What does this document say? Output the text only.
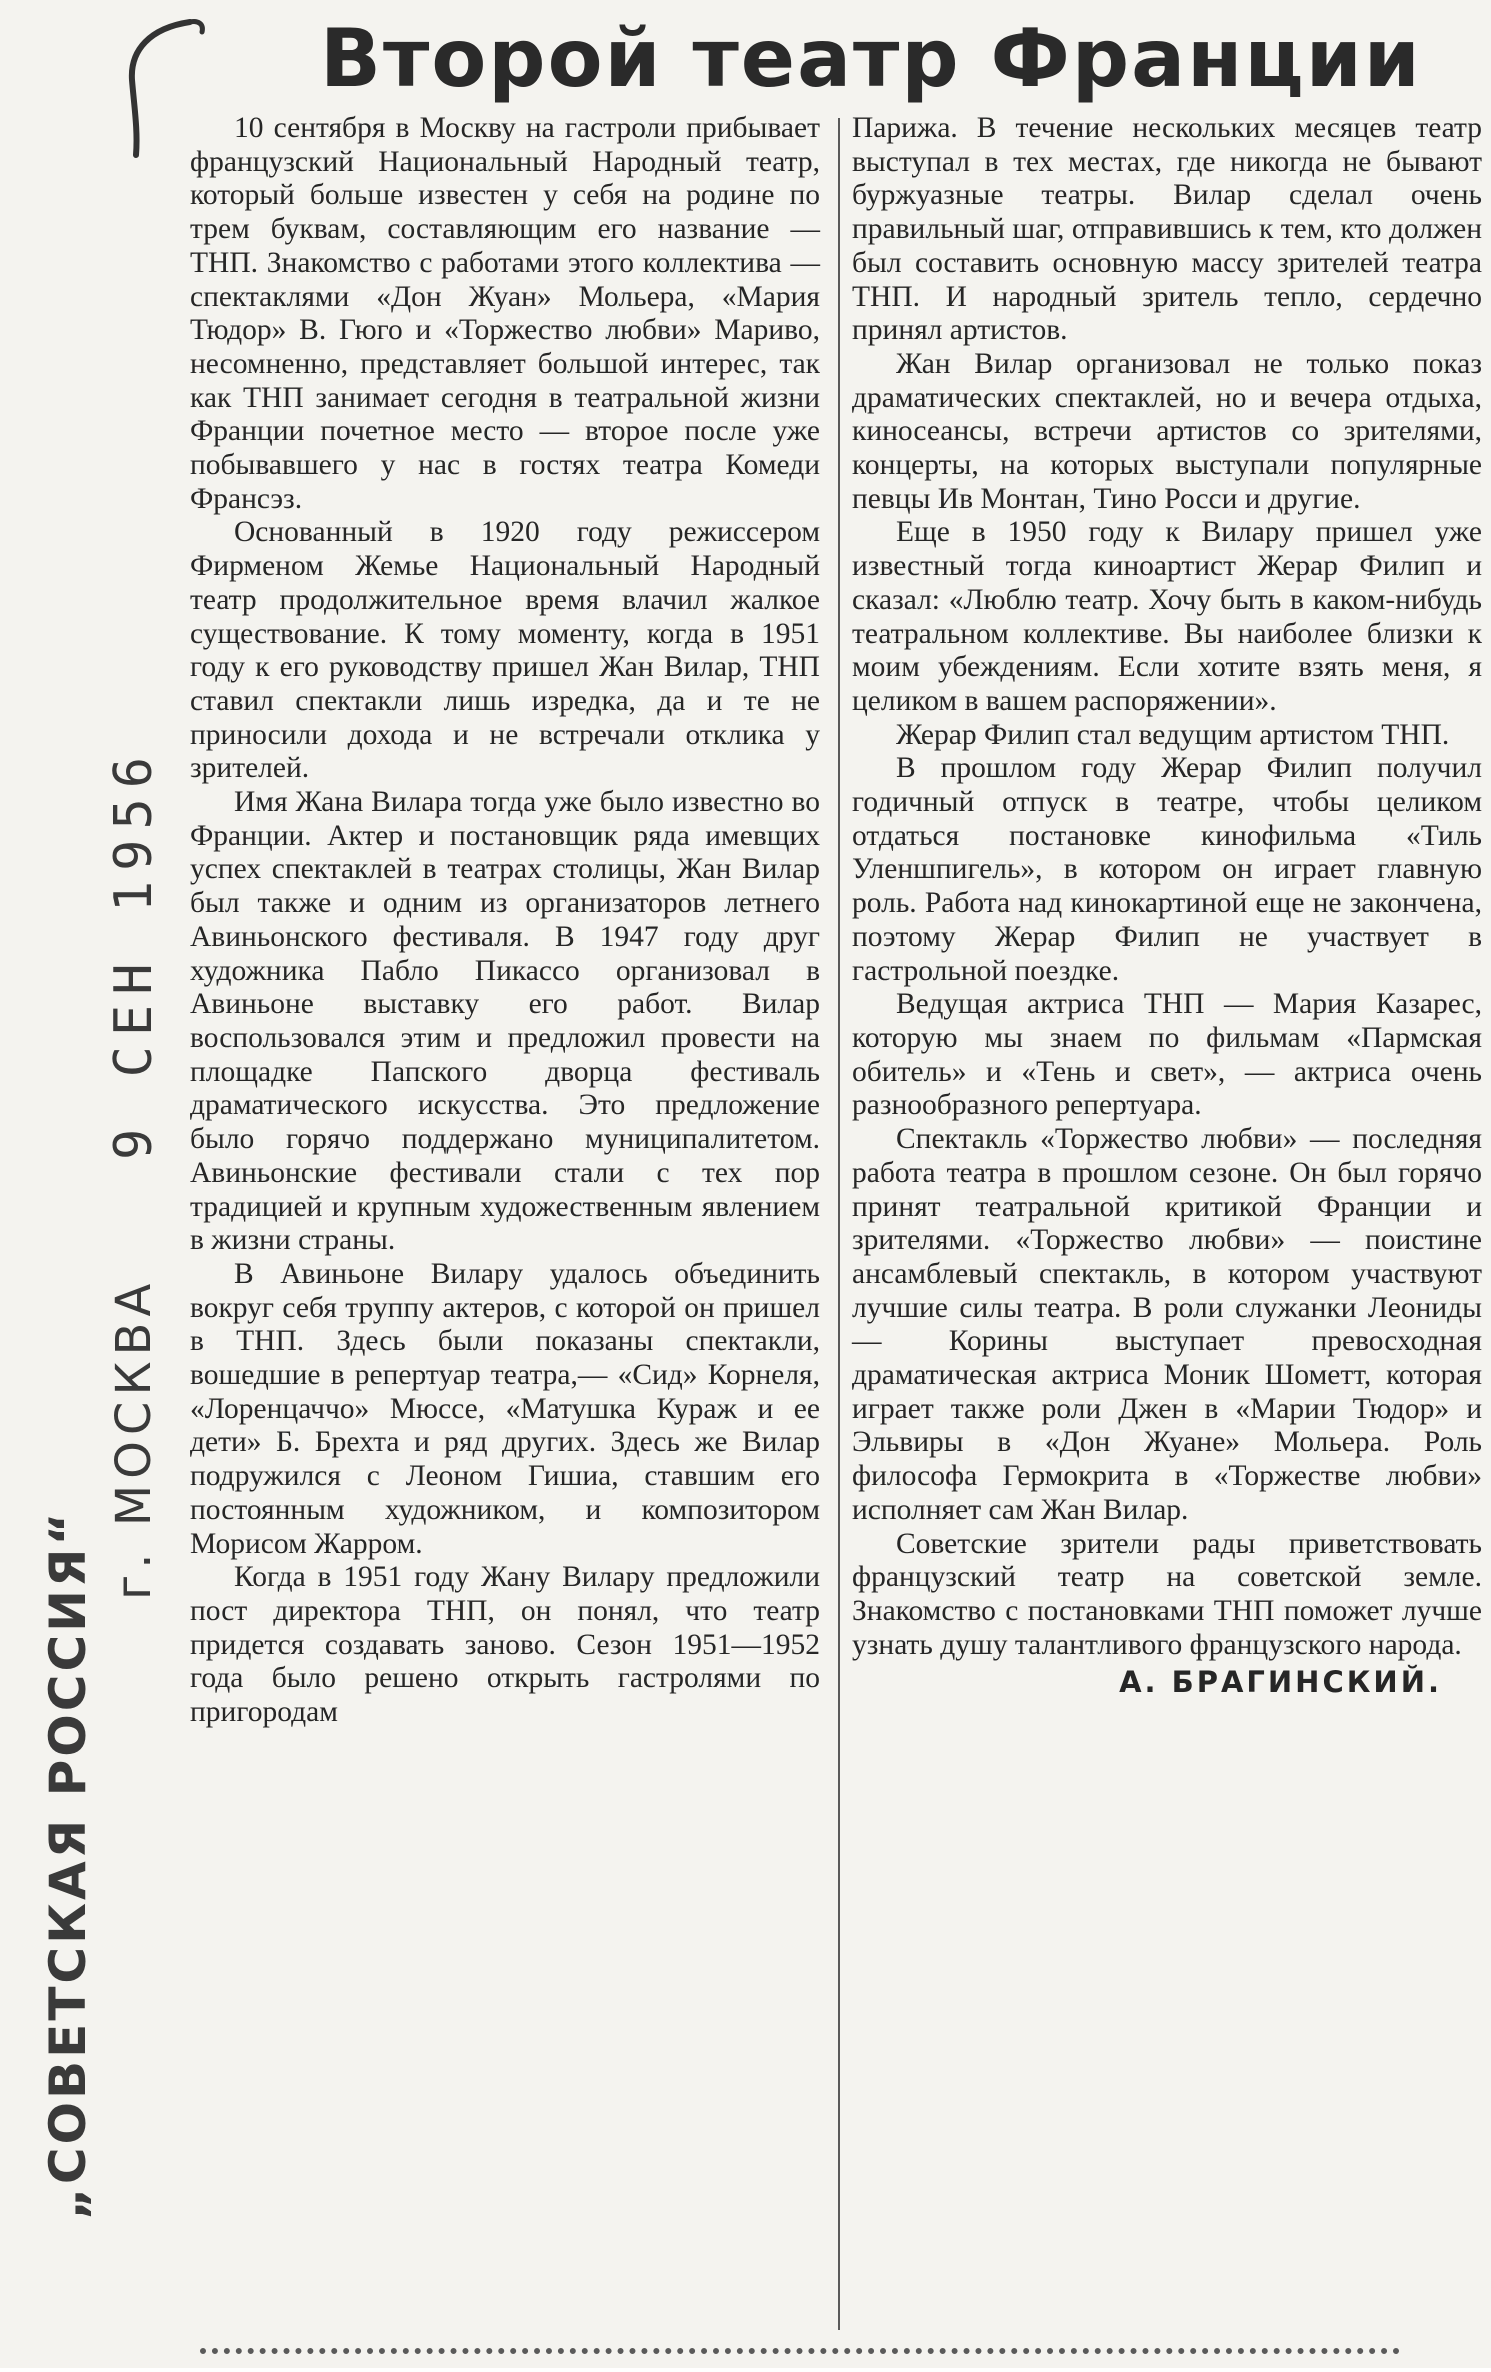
Второй театр Франции
„СОВЕТСКАЯ РОССИЯ“
г. МОСКВА
9 СЕН 1956

10 сентября в Москву на гастроли прибывает французский Национальный Народный театр, который больше известен у себя на родине по трем буквам, составляющим его название — ТНП. Знакомство с работами этого коллектива — спектаклями «Дон Жуан» Мольера, «Мария Тюдор» В. Гюго и «Торжество любви» Мариво, несомненно, представляет большой интерес, так как ТНП занимает сегодня в театральной жизни Франции почетное место — второе после уже побывавшего у нас в гостях театра Комеди Франсэз.

Основанный в 1920 году режиссером Фирменом Жемье Национальный Народный театр продолжительное время влачил жалкое существование. К тому моменту, когда в 1951 году к его руководству пришел Жан Вилар, ТНП ставил спектакли лишь изредка, да и те не приносили дохода и не встречали отклика у зрителей.

Имя Жана Вилара тогда уже было известно во Франции. Актер и постановщик ряда имевщих успех спектаклей в театрах столицы, Жан Вилар был также и одним из организаторов летнего Авиньонского фестиваля. В 1947 году друг художника Пабло Пикассо организовал в Авиньоне выставку его работ. Вилар воспользовался этим и предложил провести на площадке Папского дворца фестиваль драматического искусства. Это предложение было горячо поддержано муниципалитетом. Авиньонские фестивали стали с тех пор традицией и крупным художественным явлением в жизни страны.

В Авиньоне Вилару удалось объединить вокруг себя труппу актеров, с которой он пришел в ТНП. Здесь были показаны спектакли, вошедшие в репертуар театра,— «Сид» Корнеля, «Лоренцаччо» Мюссе, «Матушка Кураж и ее дети» Б. Брехта и ряд других. Здесь же Вилар подружился с Леоном Гишиа, ставшим его постоянным художником, и композитором Морисом Жарром.

Когда в 1951 году Жану Вилару предложили пост директора ТНП, он понял, что театр придется создавать заново. Сезон 1951—1952 года было решено открыть гастролями по пригородам

Парижа. В течение нескольких месяцев театр выступал в тех местах, где никогда не бывают буржуазные театры. Вилар сделал очень правильный шаг, отправившись к тем, кто должен был составить основную массу зрителей театра ТНП. И народный зритель тепло, сердечно принял артистов.

Жан Вилар организовал не только показ драматических спектаклей, но и вечера отдыха, киносеансы, встречи артистов со зрителями, концерты, на которых выступали популярные певцы Ив Монтан, Тино Росси и другие.

Еще в 1950 году к Вилару пришел уже известный тогда киноартист Жерар Филип и сказал: «Люблю театр. Хочу быть в каком-нибудь театральном коллективе. Вы наиболее близки к моим убеждениям. Если хотите взять меня, я целиком в вашем распоряжении».

Жерар Филип стал ведущим артистом ТНП.

В прошлом году Жерар Филип получил годичный отпуск в театре, чтобы целиком отдаться постановке кинофильма «Тиль Уленшпигель», в котором он играет главную роль. Работа над кинокартиной еще не закончена, поэтому Жерар Филип не участвует в гастрольной поездке.

Ведущая актриса ТНП — Мария Казарес, которую мы знаем по фильмам «Пармская обитель» и «Тень и свет», — актриса очень разнообразного репертуара.

Спектакль «Торжество любви» — последняя работа театра в прошлом сезоне. Он был горячо принят театральной критикой Франции и зрителями. «Торжество любви» — поистине ансамблевый спектакль, в котором участвуют лучшие силы театра. В роли служанки Леониды — Корины выступает превосходная драматическая актриса Моник Шометт, которая играет также роли Джен в «Марии Тюдор» и Эльвиры в «Дон Жуане» Мольера. Роль философа Гермокрита в «Торжестве любви» исполняет сам Жан Вилар.

Советские зрители рады приветствовать французский театр на советской земле. Знакомство с постановками ТНП поможет лучше узнать душу талантливого французского народа.

А. БРАГИНСКИЙ.
